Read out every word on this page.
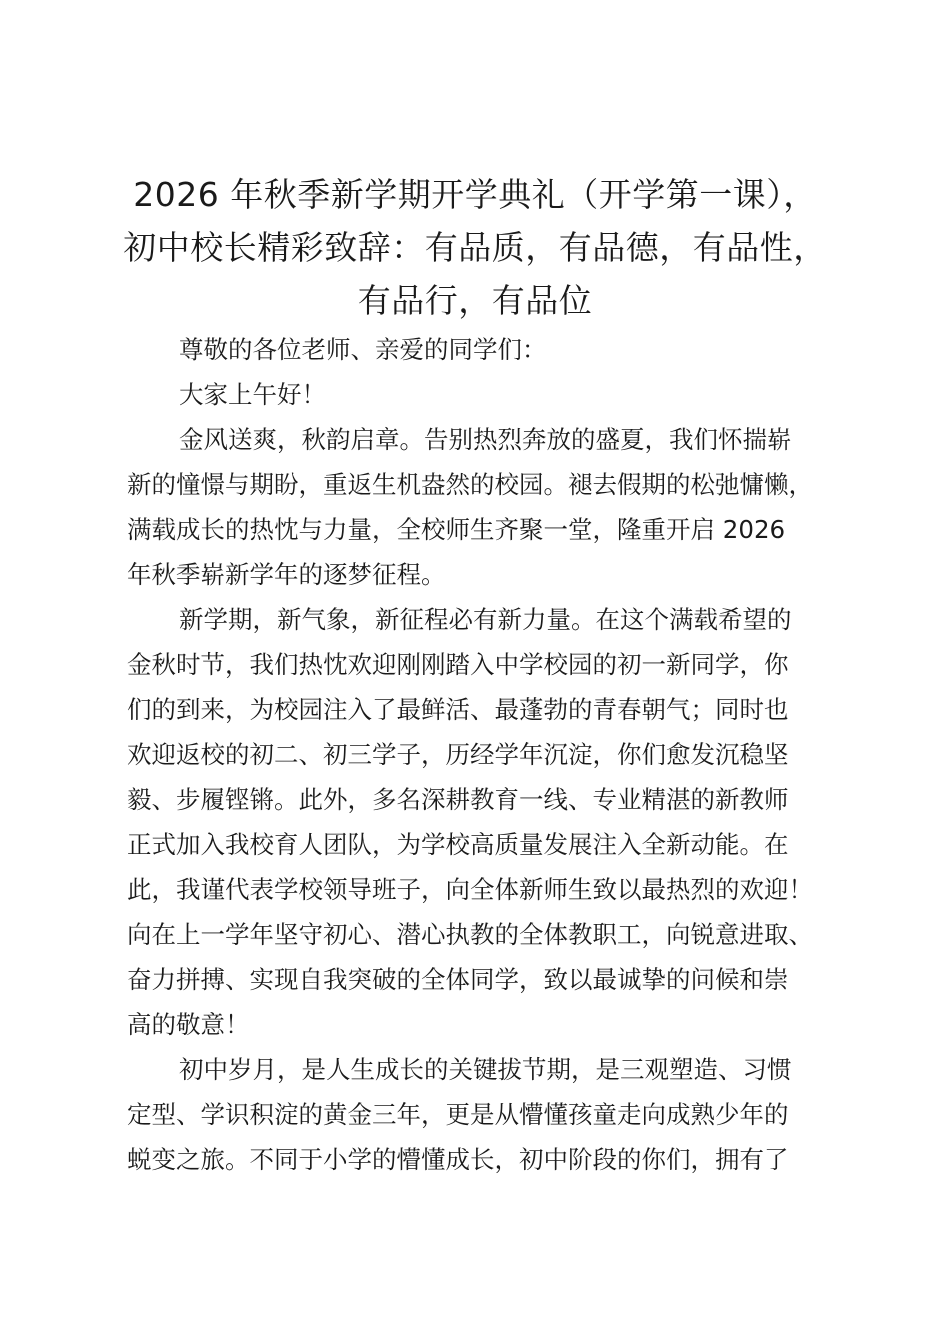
2026 年秋季新学期开学典礼（开学第一课），
初中校长精彩致辞：有品质，有品德，有品性，
有品行，有品位

尊敬的各位老师、亲爱的同学们：

大家上午好！

金风送爽，秋韵启章。告别热烈奔放的盛夏，我们怀揣崭
新的憧憬与期盼，重返生机盎然的校园。褪去假期的松弛慵懒，
满载成长的热忱与力量，全校师生齐聚一堂，隆重开启 2026
年秋季崭新学年的逐梦征程。

新学期，新气象，新征程必有新力量。在这个满载希望的
金秋时节，我们热忱欢迎刚刚踏入中学校园的初一新同学，你
们的到来，为校园注入了最鲜活、最蓬勃的青春朝气；同时也
欢迎返校的初二、初三学子，历经学年沉淀，你们愈发沉稳坚
毅、步履铿锵。此外，多名深耕教育一线、专业精湛的新教师
正式加入我校育人团队，为学校高质量发展注入全新动能。在
此，我谨代表学校领导班子，向全体新师生致以最热烈的欢迎！
向在上一学年坚守初心、潜心执教的全体教职工，向锐意进取、
奋力拼搏、实现自我突破的全体同学，致以最诚挚的问候和崇
高的敬意！

初中岁月，是人生成长的关键拔节期，是三观塑造、习惯
定型、学识积淀的黄金三年，更是从懵懂孩童走向成熟少年的
蜕变之旅。不同于小学的懵懂成长，初中阶段的你们，拥有了
